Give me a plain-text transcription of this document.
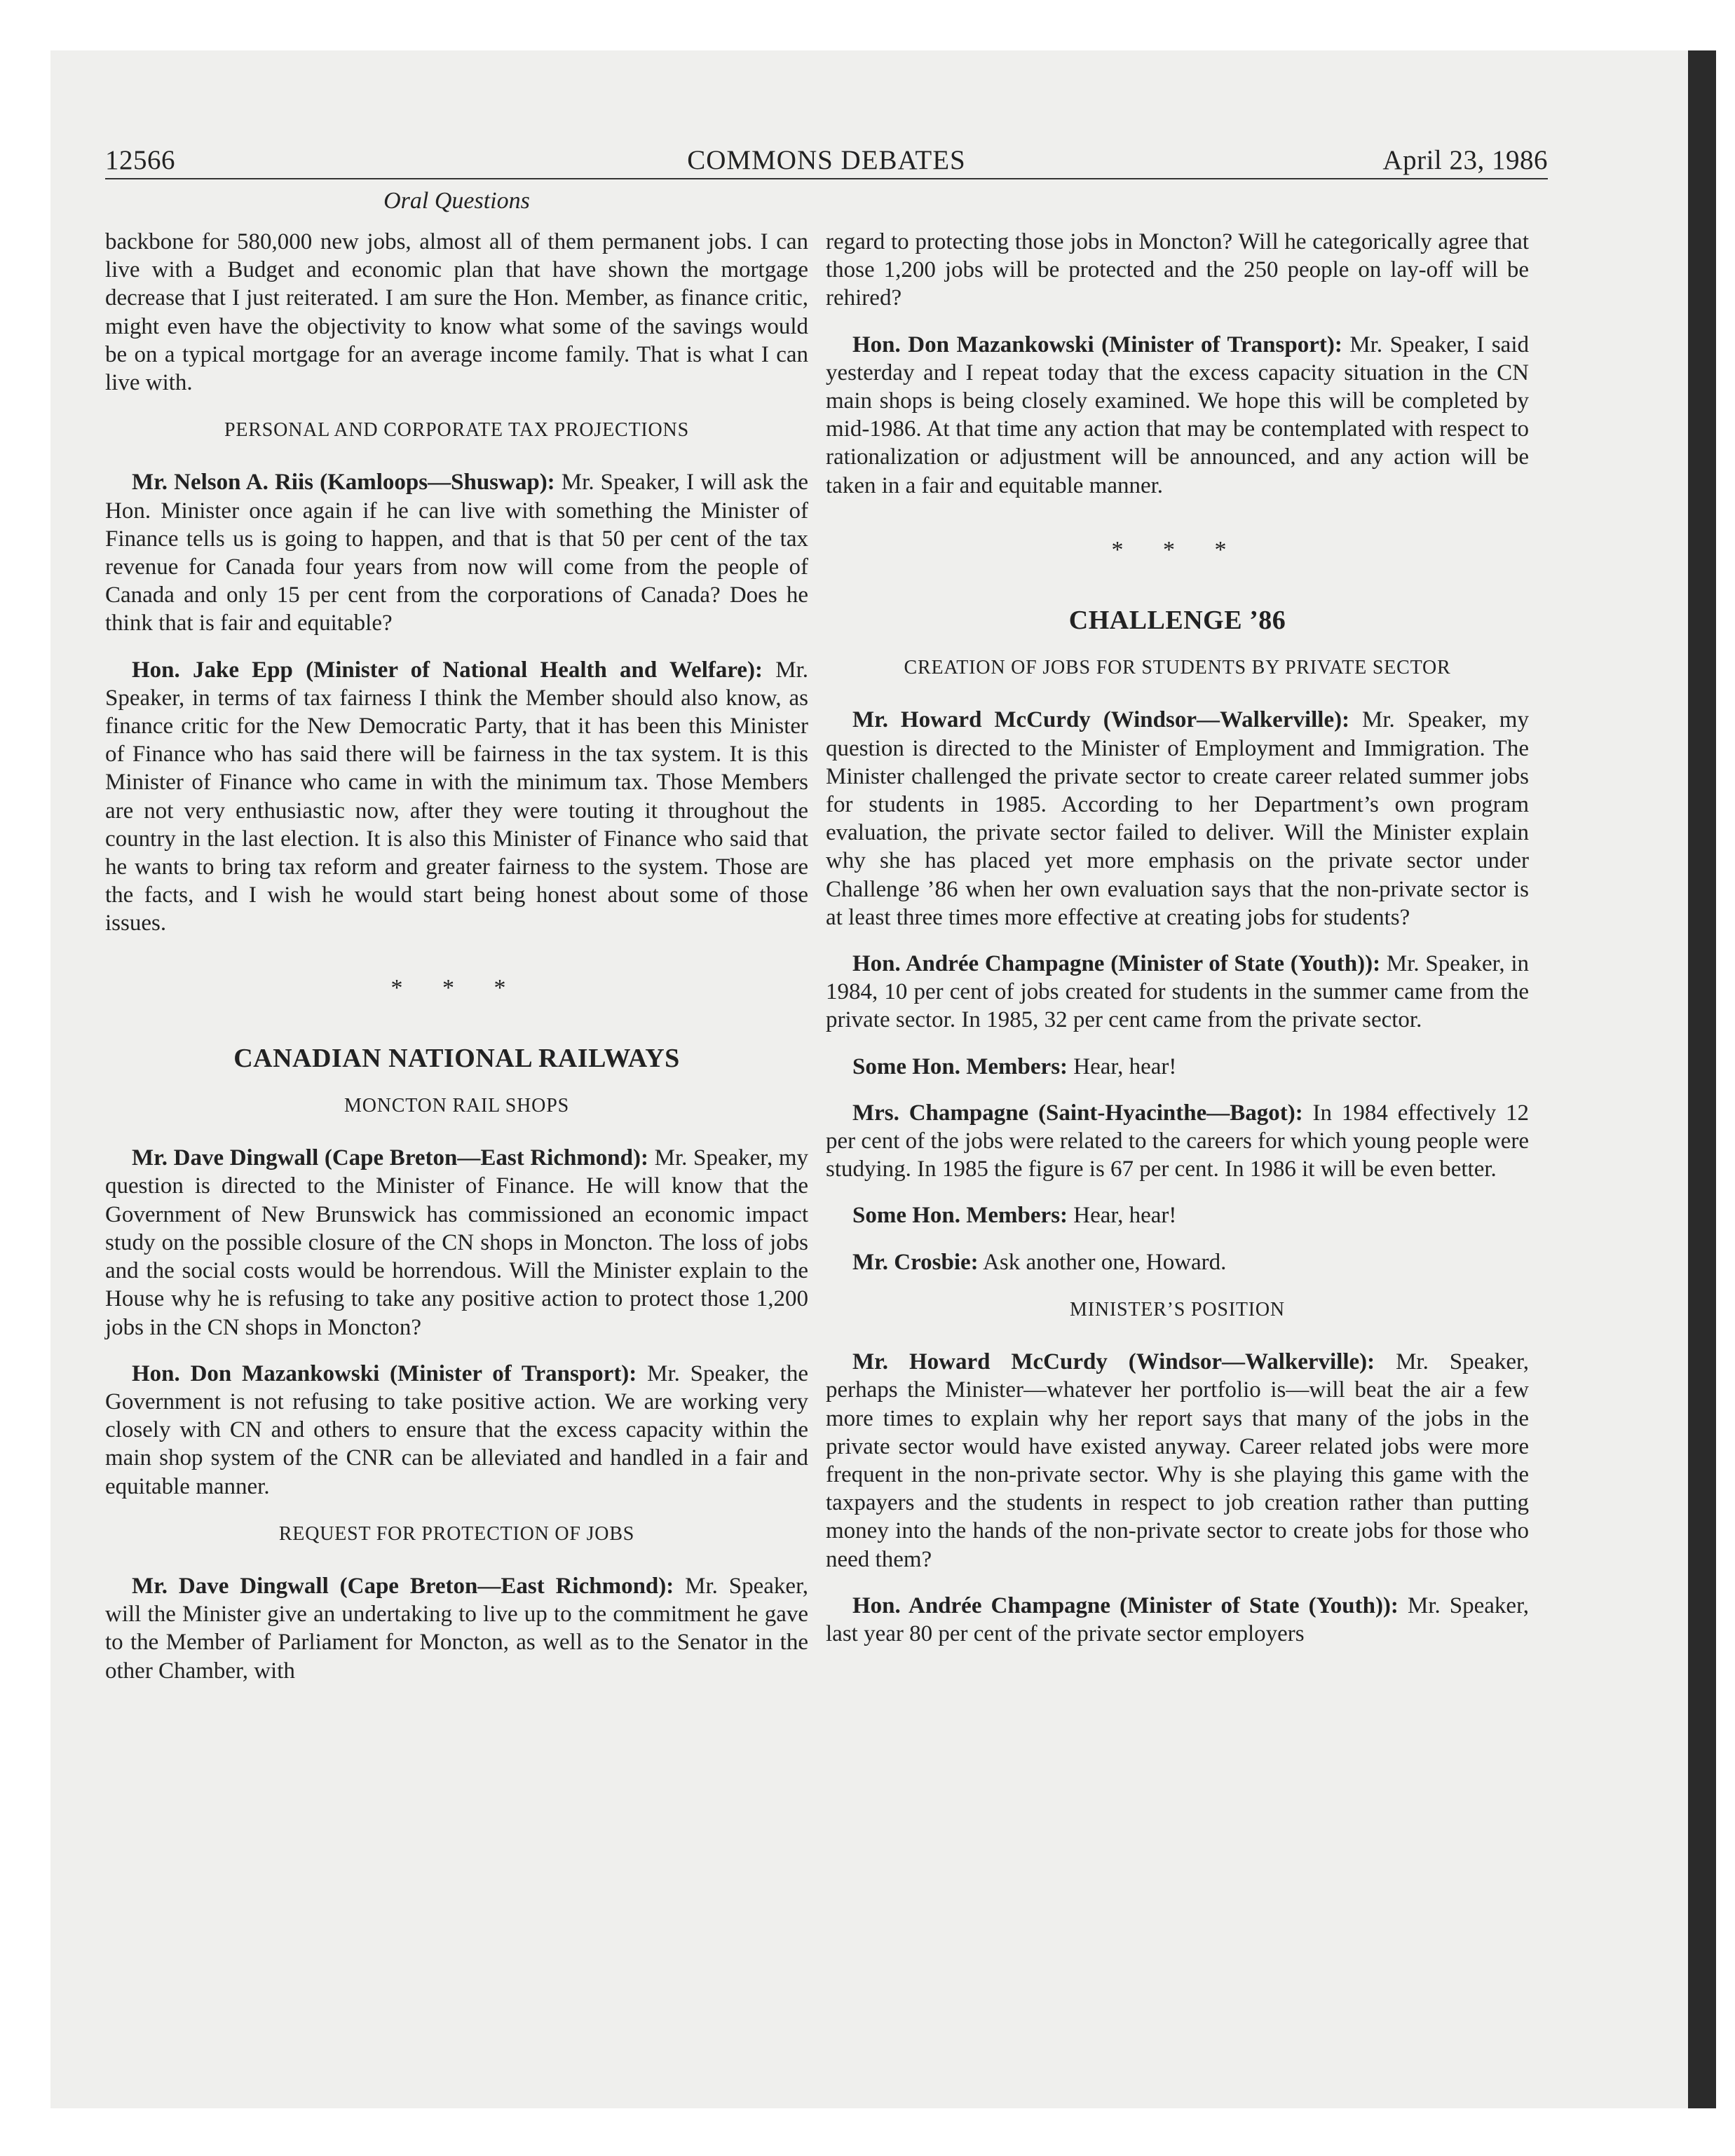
12566	COMMONS DEBATES	April 23, 1986
Oral Questions

backbone for 580,000 new jobs, almost all of them permanent jobs. I can live with a Budget and economic plan that have shown the mortgage decrease that I just reiterated. I am sure the Hon. Member, as finance critic, might even have the objectivity to know what some of the savings would be on a typical mortgage for an average income family. That is what I can live with.

PERSONAL AND CORPORATE TAX PROJECTIONS

Mr. Nelson A. Riis (Kamloops—Shuswap): Mr. Speaker, I will ask the Hon. Minister once again if he can live with something the Minister of Finance tells us is going to happen, and that is that 50 per cent of the tax revenue for Canada four years from now will come from the people of Canada and only 15 per cent from the corporations of Canada? Does he think that is fair and equitable?

Hon. Jake Epp (Minister of National Health and Welfare): Mr. Speaker, in terms of tax fairness I think the Member should also know, as finance critic for the New Democratic Party, that it has been this Minister of Finance who has said there will be fairness in the tax system. It is this Minister of Finance who came in with the minimum tax. Those Members are not very enthusiastic now, after they were touting it throughout the country in the last election. It is also this Minister of Finance who said that he wants to bring tax reform and greater fairness to the system. Those are the facts, and I wish he would start being honest about some of those issues.

* * *
CANADIAN NATIONAL RAILWAYS
MONCTON RAIL SHOPS

Mr. Dave Dingwall (Cape Breton—East Richmond): Mr. Speaker, my question is directed to the Minister of Finance. He will know that the Government of New Brunswick has commissioned an economic impact study on the possible closure of the CN shops in Moncton. The loss of jobs and the social costs would be horrendous. Will the Minister explain to the House why he is refusing to take any positive action to protect those 1,200 jobs in the CN shops in Moncton?

Hon. Don Mazankowski (Minister of Transport): Mr. Speaker, the Government is not refusing to take positive action. We are working very closely with CN and others to ensure that the excess capacity within the main shop system of the CNR can be alleviated and handled in a fair and equitable manner.

REQUEST FOR PROTECTION OF JOBS

Mr. Dave Dingwall (Cape Breton—East Richmond): Mr. Speaker, will the Minister give an undertaking to live up to the commitment he gave to the Member of Parliament for Moncton, as well as to the Senator in the other Chamber, with

regard to protecting those jobs in Moncton? Will he categorically agree that those 1,200 jobs will be protected and the 250 people on lay-off will be rehired?

Hon. Don Mazankowski (Minister of Transport): Mr. Speaker, I said yesterday and I repeat today that the excess capacity situation in the CN main shops is being closely examined. We hope this will be completed by mid-1986. At that time any action that may be contemplated with respect to rationalization or adjustment will be announced, and any action will be taken in a fair and equitable manner.

* * *
CHALLENGE ’86
CREATION OF JOBS FOR STUDENTS BY PRIVATE SECTOR

Mr. Howard McCurdy (Windsor—Walkerville): Mr. Speaker, my question is directed to the Minister of Employment and Immigration. The Minister challenged the private sector to create career related summer jobs for students in 1985. According to her Department’s own program evaluation, the private sector failed to deliver. Will the Minister explain why she has placed yet more emphasis on the private sector under Challenge ’86 when her own evaluation says that the non-private sector is at least three times more effective at creating jobs for students?

Hon. Andrée Champagne (Minister of State (Youth)): Mr. Speaker, in 1984, 10 per cent of jobs created for students in the summer came from the private sector. In 1985, 32 per cent came from the private sector.

Some Hon. Members: Hear, hear!

Mrs. Champagne (Saint-Hyacinthe—Bagot): In 1984 effectively 12 per cent of the jobs were related to the careers for which young people were studying. In 1985 the figure is 67 per cent. In 1986 it will be even better.

Some Hon. Members: Hear, hear!

Mr. Crosbie: Ask another one, Howard.

MINISTER’S POSITION

Mr. Howard McCurdy (Windsor—Walkerville): Mr. Speaker, perhaps the Minister—whatever her portfolio is—will beat the air a few more times to explain why her report says that many of the jobs in the private sector would have existed anyway. Career related jobs were more frequent in the non-private sector. Why is she playing this game with the taxpayers and the students in respect to job creation rather than putting money into the hands of the non-private sector to create jobs for those who need them?

Hon. Andrée Champagne (Minister of State (Youth)): Mr. Speaker, last year 80 per cent of the private sector employers
